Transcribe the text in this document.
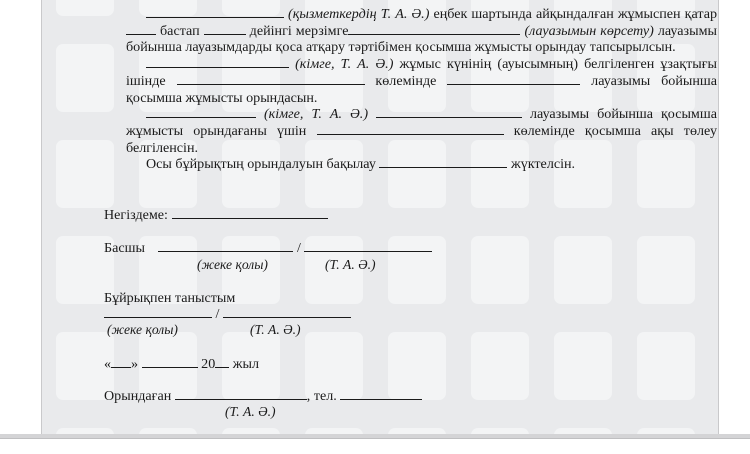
(қызметкердің Т. А. Ә.) еңбек шартында айқындалған жұмыспен қатар  бастап	дейінгі мерзімге	(лауазымын көрсету) лауазымы бойынша лауазымдарды қоса атқару тәртібімен қосымша жұмысты орындау тапсырылсын.

(кімге, Т. А. Ә.) жұмыс күнінің (ауысымның) белгіленген ұзақтығы ішінде	көлемінде	лауазымы бойынша қосымша жұмысты орындасын.

(кімге, Т. А. Ә.)	лауазымы бойынша қосымша жұмысты орындағаны үшін	көлемінде қосымша ақы төлеу белгіленсін.

Осы бұйрықтың орындалуын бақылау	жүктелсін.

Негіздеме:
Басшы	/
(жеке қолы)	(Т. А. Ә.)
Бұйрықпен таныстым
/
(жеке қолы)	(Т. А. Ә.)
« »	20 жыл
Орындаған	, тел.
(Т. А. Ә.)
